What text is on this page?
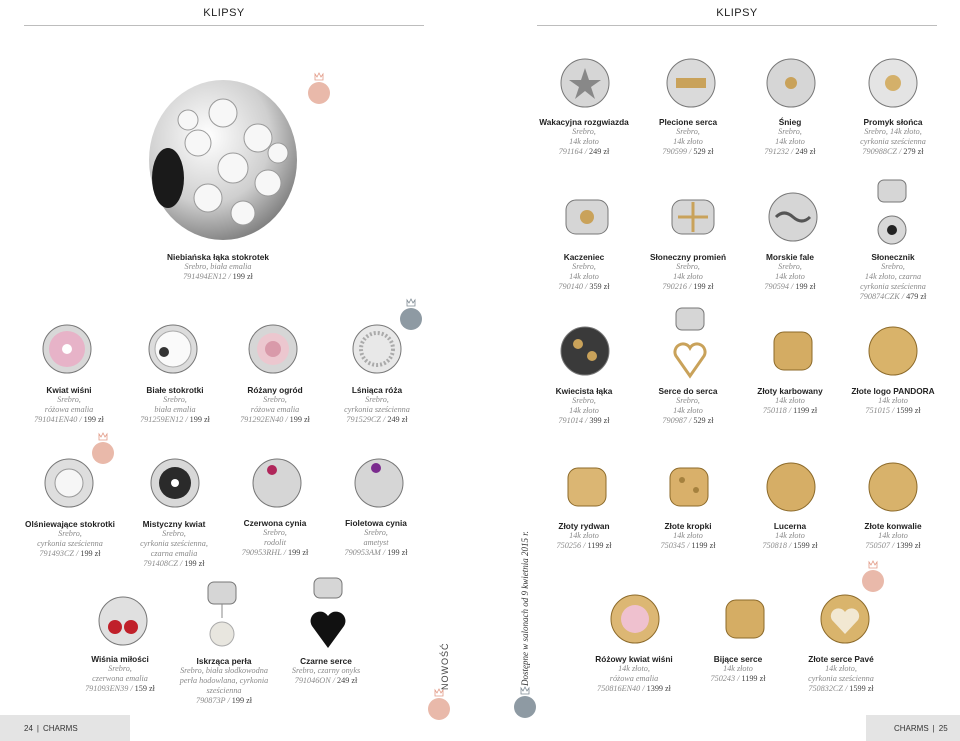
KLIPSY	KLIPSY
NOWOŚĆ	Dostępne w salonach od 9 kwietnia 2015 r.
Niebiańska łąka stokrotek
Srebro, biała emalia
791494EN12 / 199 zł
Kwiat wiśni
Srebro,
różowa emalia
791041EN40 / 199 zł
Białe stokrotki
Srebro,
biała emalia
791259EN12 / 199 zł
Różany ogród
Srebro,
różowa emalia
791292EN40 / 199 zł
Lśniąca róża
Srebro,
cyrkonia sześcienna
791529CZ / 249 zł
Olśniewające stokrotki
Srebro,
cyrkonia sześcienna
791493CZ / 199 zł
Mistyczny kwiat
Srebro,
cyrkonia sześcienna,
czarna emalia
791408CZ / 199 zł
Czerwona cynia
Srebro,
rodolit
790953RHL / 199 zł
Fioletowa cynia
Srebro,
ametyst
790953AM / 199 zł
Wiśnia miłości
Srebro,
czerwona emalia
791093EN39 / 159 zł
Iskrząca perła
Srebro, biała słodkowodna
perła hodowlana, cyrkonia
sześcienna
790873P / 199 zł
Czarne serce
Srebro, czarny onyks
791046ON / 249 zł
Wakacyjna rozgwiazda
Srebro,
14k złoto
791164 / 249 zł
Plecione serca
Srebro,
14k złoto
790599 / 529 zł
Śnieg
Srebro,
14k złoto
791232 / 249 zł
Promyk słońca
Srebro, 14k złoto,
cyrkonia sześcienna
790988CZ / 279 zł
Kaczeniec
Srebro,
14k złoto
790140 / 359 zł
Słoneczny promień
Srebro,
14k złoto
790216 / 199 zł
Morskie fale
Srebro,
14k złoto
790594 / 199 zł
Słonecznik
Srebro,
14k złoto, czarna
cyrkonia sześcienna
790874CZK / 479 zł
Kwiecista łąka
Srebro,
14k złoto
791014 / 399 zł
Serce do serca
Srebro,
14k złoto
790987 / 529 zł
Złoty karbowany
14k złoto
750118 / 1199 zł
Złote logo PANDORA
14k złoto
751015 / 1599 zł
Złoty rydwan
14k złoto
750256 / 1199 zł
Złote kropki
14k złoto
750345 / 1199 zł
Lucerna
14k złoto
750818 / 1599 zł
Złote konwalie
14k złoto
750507 / 1399 zł
Różowy kwiat wiśni
14k złoto,
różowa emalia
750816EN40 / 1399 zł
Bijące serce
14k złoto
750243 / 1199 zł
Złote serce Pavé
14k złoto,
cyrkonia sześcienna
750832CZ / 1599 zł
24 | CHARMS	CHARMS | 25
